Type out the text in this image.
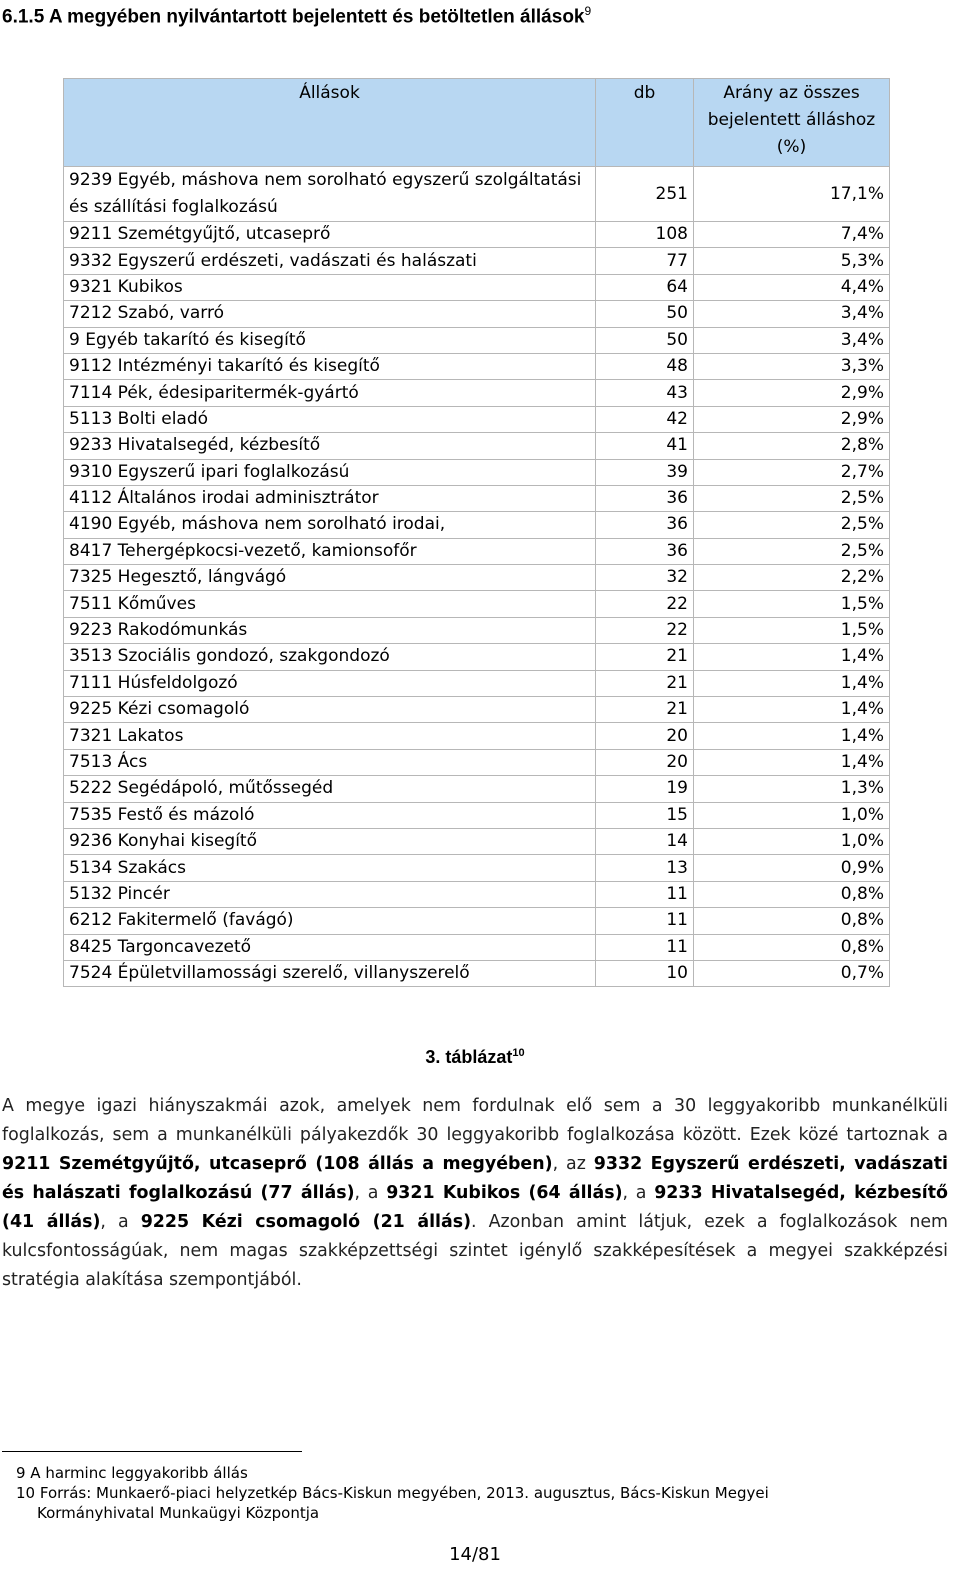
6.1.5 A megyében nyilvántartott bejelentett és betöltetlen állások$^9$
Állások	db	Arány az összes bejelentett álláshoz (%)
9239 Egyéb, máshova nem sorolható egyszerű szolgáltatási és szállítási foglalkozású	251	17,1%
9211 Szemétgyűjtő, utcaseprő	108	7,4%
9332 Egyszerű erdészeti, vadászati és halászati	77	5,3%
9321 Kubikos	64	4,4%
7212 Szabó, varró	50	3,4%
9 Egyéb takarító és kisegítő	50	3,4%
9112 Intézményi takarító és kisegítő	48	3,3%
7114 Pék, édesiparitermék-gyártó	43	2,9%
5113 Bolti eladó	42	2,9%
9233 Hivatalsegéd, kézbesítő	41	2,8%
9310 Egyszerű ipari foglalkozású	39	2,7%
4112 Általános irodai adminisztrátor	36	2,5%
4190 Egyéb, máshova nem sorolható irodai,	36	2,5%
8417 Tehergépkocsi-vezető, kamionsofőr	36	2,5%
7325 Hegesztő, lángvágó	32	2,2%
7511 Kőműves	22	1,5%
9223 Rakodómunkás	22	1,5%
3513 Szociális gondozó, szakgondozó	21	1,4%
7111 Húsfeldolgozó	21	1,4%
9225 Kézi csomagoló	21	1,4%
7321 Lakatos	20	1,4%
7513 Ács	20	1,4%
5222 Segédápoló, műtőssegéd	19	1,3%
7535 Festő és mázoló	15	1,0%
9236 Konyhai kisegítő	14	1,0%
5134 Szakács	13	0,9%
5132 Pincér	11	0,8%
6212 Fakitermelő (favágó)	11	0,8%
8425 Targoncavezető	11	0,8%
7524 Épületvillamossági szerelő, villanyszerelő	10	0,7%
3. táblázat$^{10}$
A megye igazi hiányszakmái azok, amelyek nem fordulnak elő sem a 30 leggyakoribb munkanélküli foglalkozás, sem a munkanélküli pályakezdők 30 leggyakoribb foglalkozása között. Ezek közé tartoznak a 9211 Szemétgyűjtő, utcaseprő (108 állás a megyében), az 9332 Egyszerű erdészeti, vadászati és halászati foglalkozású (77 állás), a 9321 Kubikos (64 állás), a 9233 Hivatalsegéd, kézbesítő (41 állás), a 9225 Kézi csomagoló (21 állás). Azonban amint látjuk, ezek a foglalkozások nem kulcsfontosságúak, nem magas szakképzettségi szintet igénylő szakképesítések a megyei szakképzési stratégia alakítása szempontjából.
9 A harminc leggyakoribb állás
10 Forrás: Munkaerő-piaci helyzetkép Bács-Kiskun megyében, 2013. augusztus, Bács-Kiskun Megyei
Kormányhivatal Munkaügyi Központja
14/81
